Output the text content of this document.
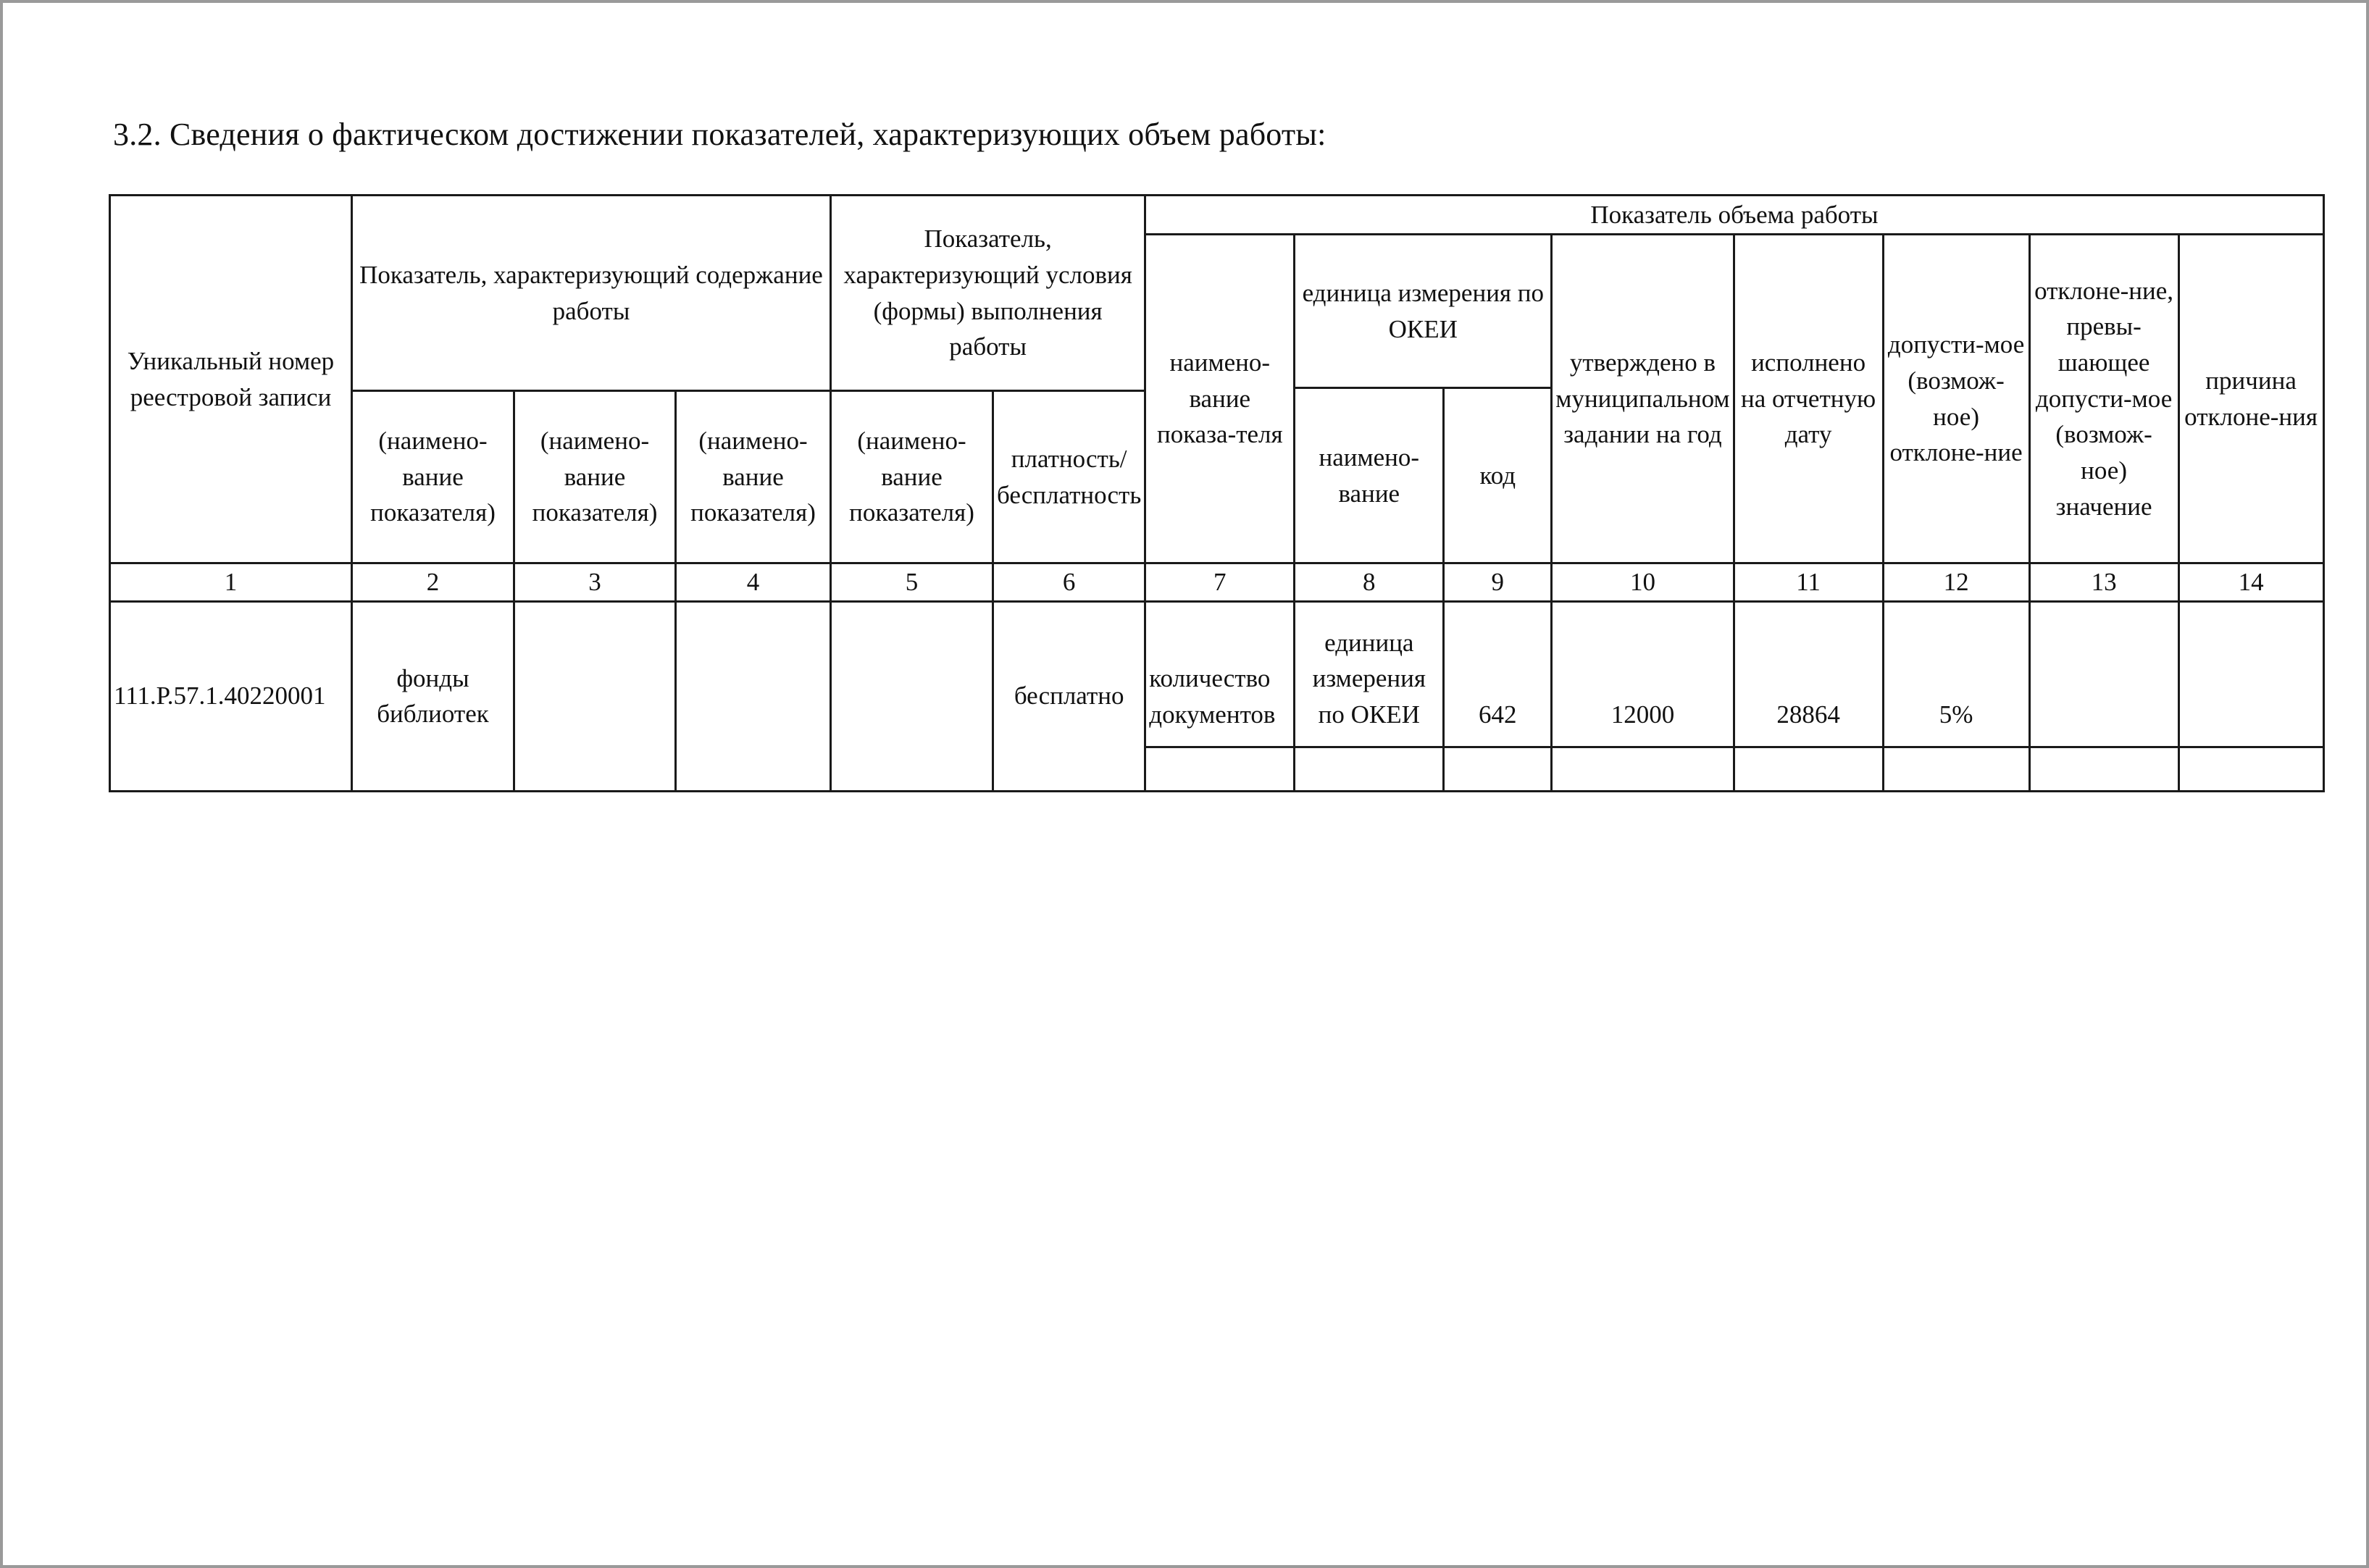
3.2. Сведения о фактическом достижении показателей, характеризующих объем работы:
Уникальный номер реестровой записи	Показатель, характеризующий содержание работы			Показатель, характеризующий условия (формы) выполнения работы		Показатель объема работы							
						наимено-вание показа-теля	единица измерения по ОКЕИ		утверждено в муниципальном задании на год	исполнено на отчетную дату	допусти-мое (возмож-ное) отклоне-ние	отклоне-ние, превы-шающее допусти-мое (возмож-ное) значение	причина отклоне-ния
							наимено-вание	код					
	(наимено-вание показателя)	(наимено-вание показателя)	(наимено-вание показателя)	(наимено-вание показателя)	платность/бесплатность								
1	2	3	4	5	6	7	8	9	10	11	12	13	14
111.Р.57.1.40220001	фонды библиотек				бесплатно	количество документов	единица измерения по ОКЕИ	642	12000	28864	5%		
